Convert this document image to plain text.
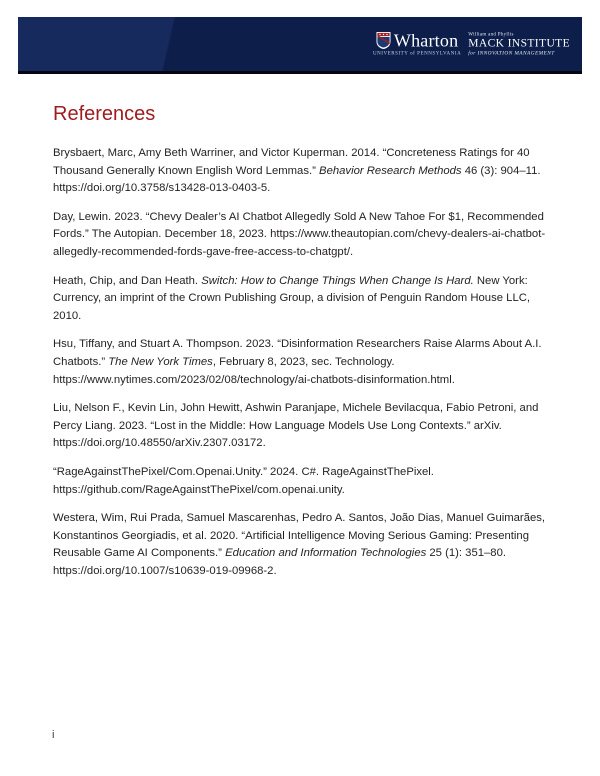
Wharton
UNIVERSITY of PENNSYLVANIA
William and Phyllis
MACK INSTITUTE
for INNOVATION MANAGEMENT
References

Brysbaert, Marc, Amy Beth Warriner, and Victor Kuperman. 2014. “Concreteness Ratings for 40 Thousand Generally Known English Word Lemmas.” Behavior Research Methods 46 (3): 904–11. https://doi.org/10.3758/s13428-013-0403-5.

Day, Lewin. 2023. “Chevy Dealer’s AI Chatbot Allegedly Sold A New Tahoe For $1, Recommended Fords.” The Autopian. December 18, 2023. https://www.theautopian.com/chevy-dealers-ai-chatbot-allegedly-recommended-fords-gave-free-access-to-chatgpt/.

Heath, Chip, and Dan Heath. Switch: How to Change Things When Change Is Hard. New York: Currency, an imprint of the Crown Publishing Group, a division of Penguin Random House LLC, 2010.

Hsu, Tiffany, and Stuart A. Thompson. 2023. “Disinformation Researchers Raise Alarms About A.I. Chatbots.” The New York Times, February 8, 2023, sec. Technology. https://www.nytimes.com/2023/02/08/technology/ai-chatbots-disinformation.html.

Liu, Nelson F., Kevin Lin, John Hewitt, Ashwin Paranjape, Michele Bevilacqua, Fabio Petroni, and Percy Liang. 2023. “Lost in the Middle: How Language Models Use Long Contexts.” arXiv. https://doi.org/10.48550/arXiv.2307.03172.

“RageAgainstThePixel/Com.Openai.Unity.” 2024. C#. RageAgainstThePixel. https://github.com/RageAgainstThePixel/com.openai.unity.

Westera, Wim, Rui Prada, Samuel Mascarenhas, Pedro A. Santos, João Dias, Manuel Guimarães, Konstantinos Georgiadis, et al. 2020. “Artificial Intelligence Moving Serious Gaming: Presenting Reusable Game AI Components.” Education and Information Technologies 25 (1): 351–80. https://doi.org/10.1007/s10639-019-09968-2.

i
